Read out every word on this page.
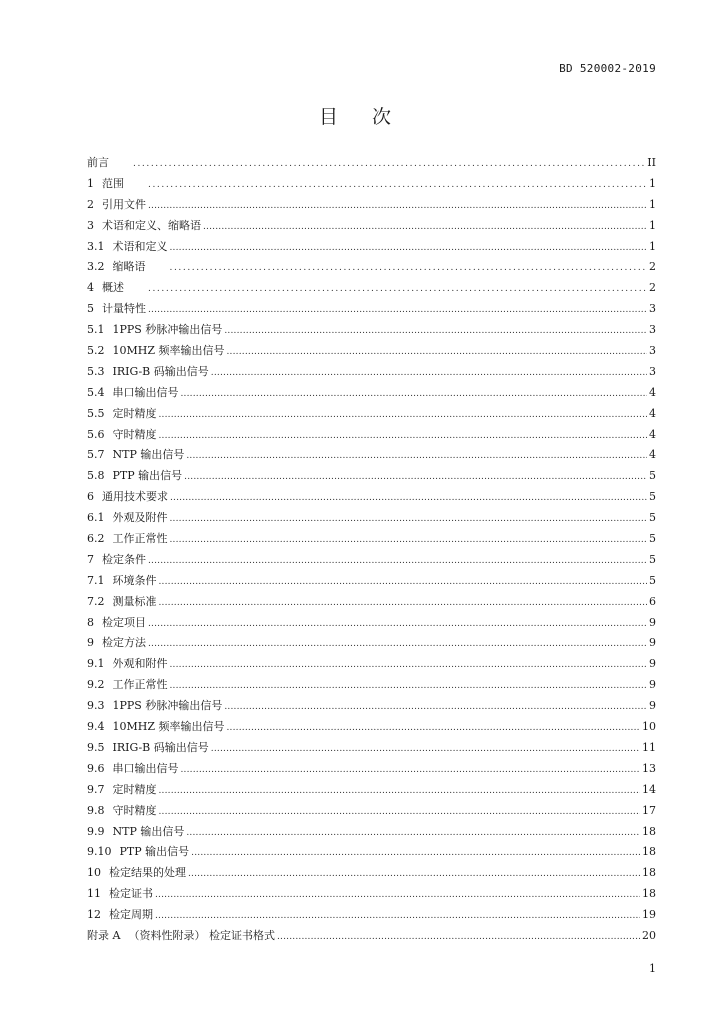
BD 520002-2019
目 次
前言 .....	II
1 范围 .....	1
2 引用文件 .....	1
3 术语和定义、缩略语 .....	1
3.1 术语和定义 .....	1
3.2 缩略语 .....	2
4 概述 .....	2
5 计量特性 .....	3
5.1 1PPS 秒脉冲输出信号 .....	3
5.2 10MHZ 频率输出信号 .....	3
5.3 IRIG-B 码输出信号 .....	3
5.4 串口输出信号 .....	4
5.5 定时精度 .....	4
5.6 守时精度 .....	4
5.7 NTP 输出信号 .....	4
5.8 PTP 输出信号 .....	5
6 通用技术要求 .....	5
6.1 外观及附件 .....	5
6.2 工作正常性 .....	5
7 检定条件 .....	5
7.1 环境条件 .....	5
7.2 测量标准 .....	6
8 检定项目 .....	9
9 检定方法 .....	9
9.1 外观和附件 .....	9
9.2 工作正常性 .....	9
9.3 1PPS 秒脉冲输出信号 .....	9
9.4 10MHZ 频率输出信号 .....	10
9.5 IRIG-B 码输出信号 .....	11
9.6 串口输出信号 .....	13
9.7 定时精度 .....	14
9.8 守时精度 .....	17
9.9 NTP 输出信号 .....	18
9.10 PTP 输出信号 .....	18
10 检定结果的处理 .....	18
11 检定证书 .....	18
12 检定周期 .....	19
附录 A （资料性附录） 检定证书格式 .....	20
1
